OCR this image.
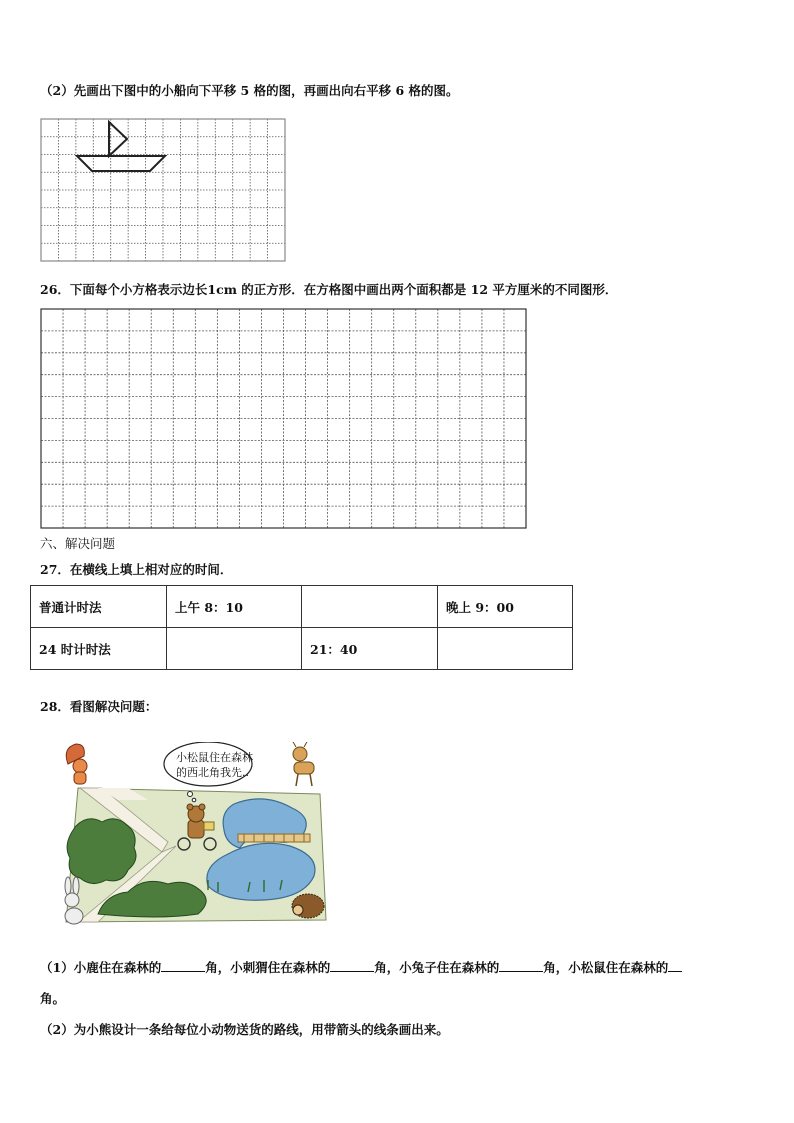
（2）先画出下图中的小船向下平移 5 格的图，再画出向右平移 6 格的图。
26．下面每个小方格表示边长1cm 的正方形．在方格图中画出两个面积都是 12 平方厘米的不同图形．
六、解决问题
27．在横线上填上相对应的时间．
普通计时法	上午 8：10		晚上 9：00
24 时计时法		21：40	
28．看图解决问题：
小松鼠住在森林
的西北角我先..
（1）小鹿住在森林的	角，小刺猬住在森林的	角，小兔子住在森林的	角，小松鼠住在森林的
角。
（2）为小熊设计一条给每位小动物送货的路线，用带箭头的线条画出来。
